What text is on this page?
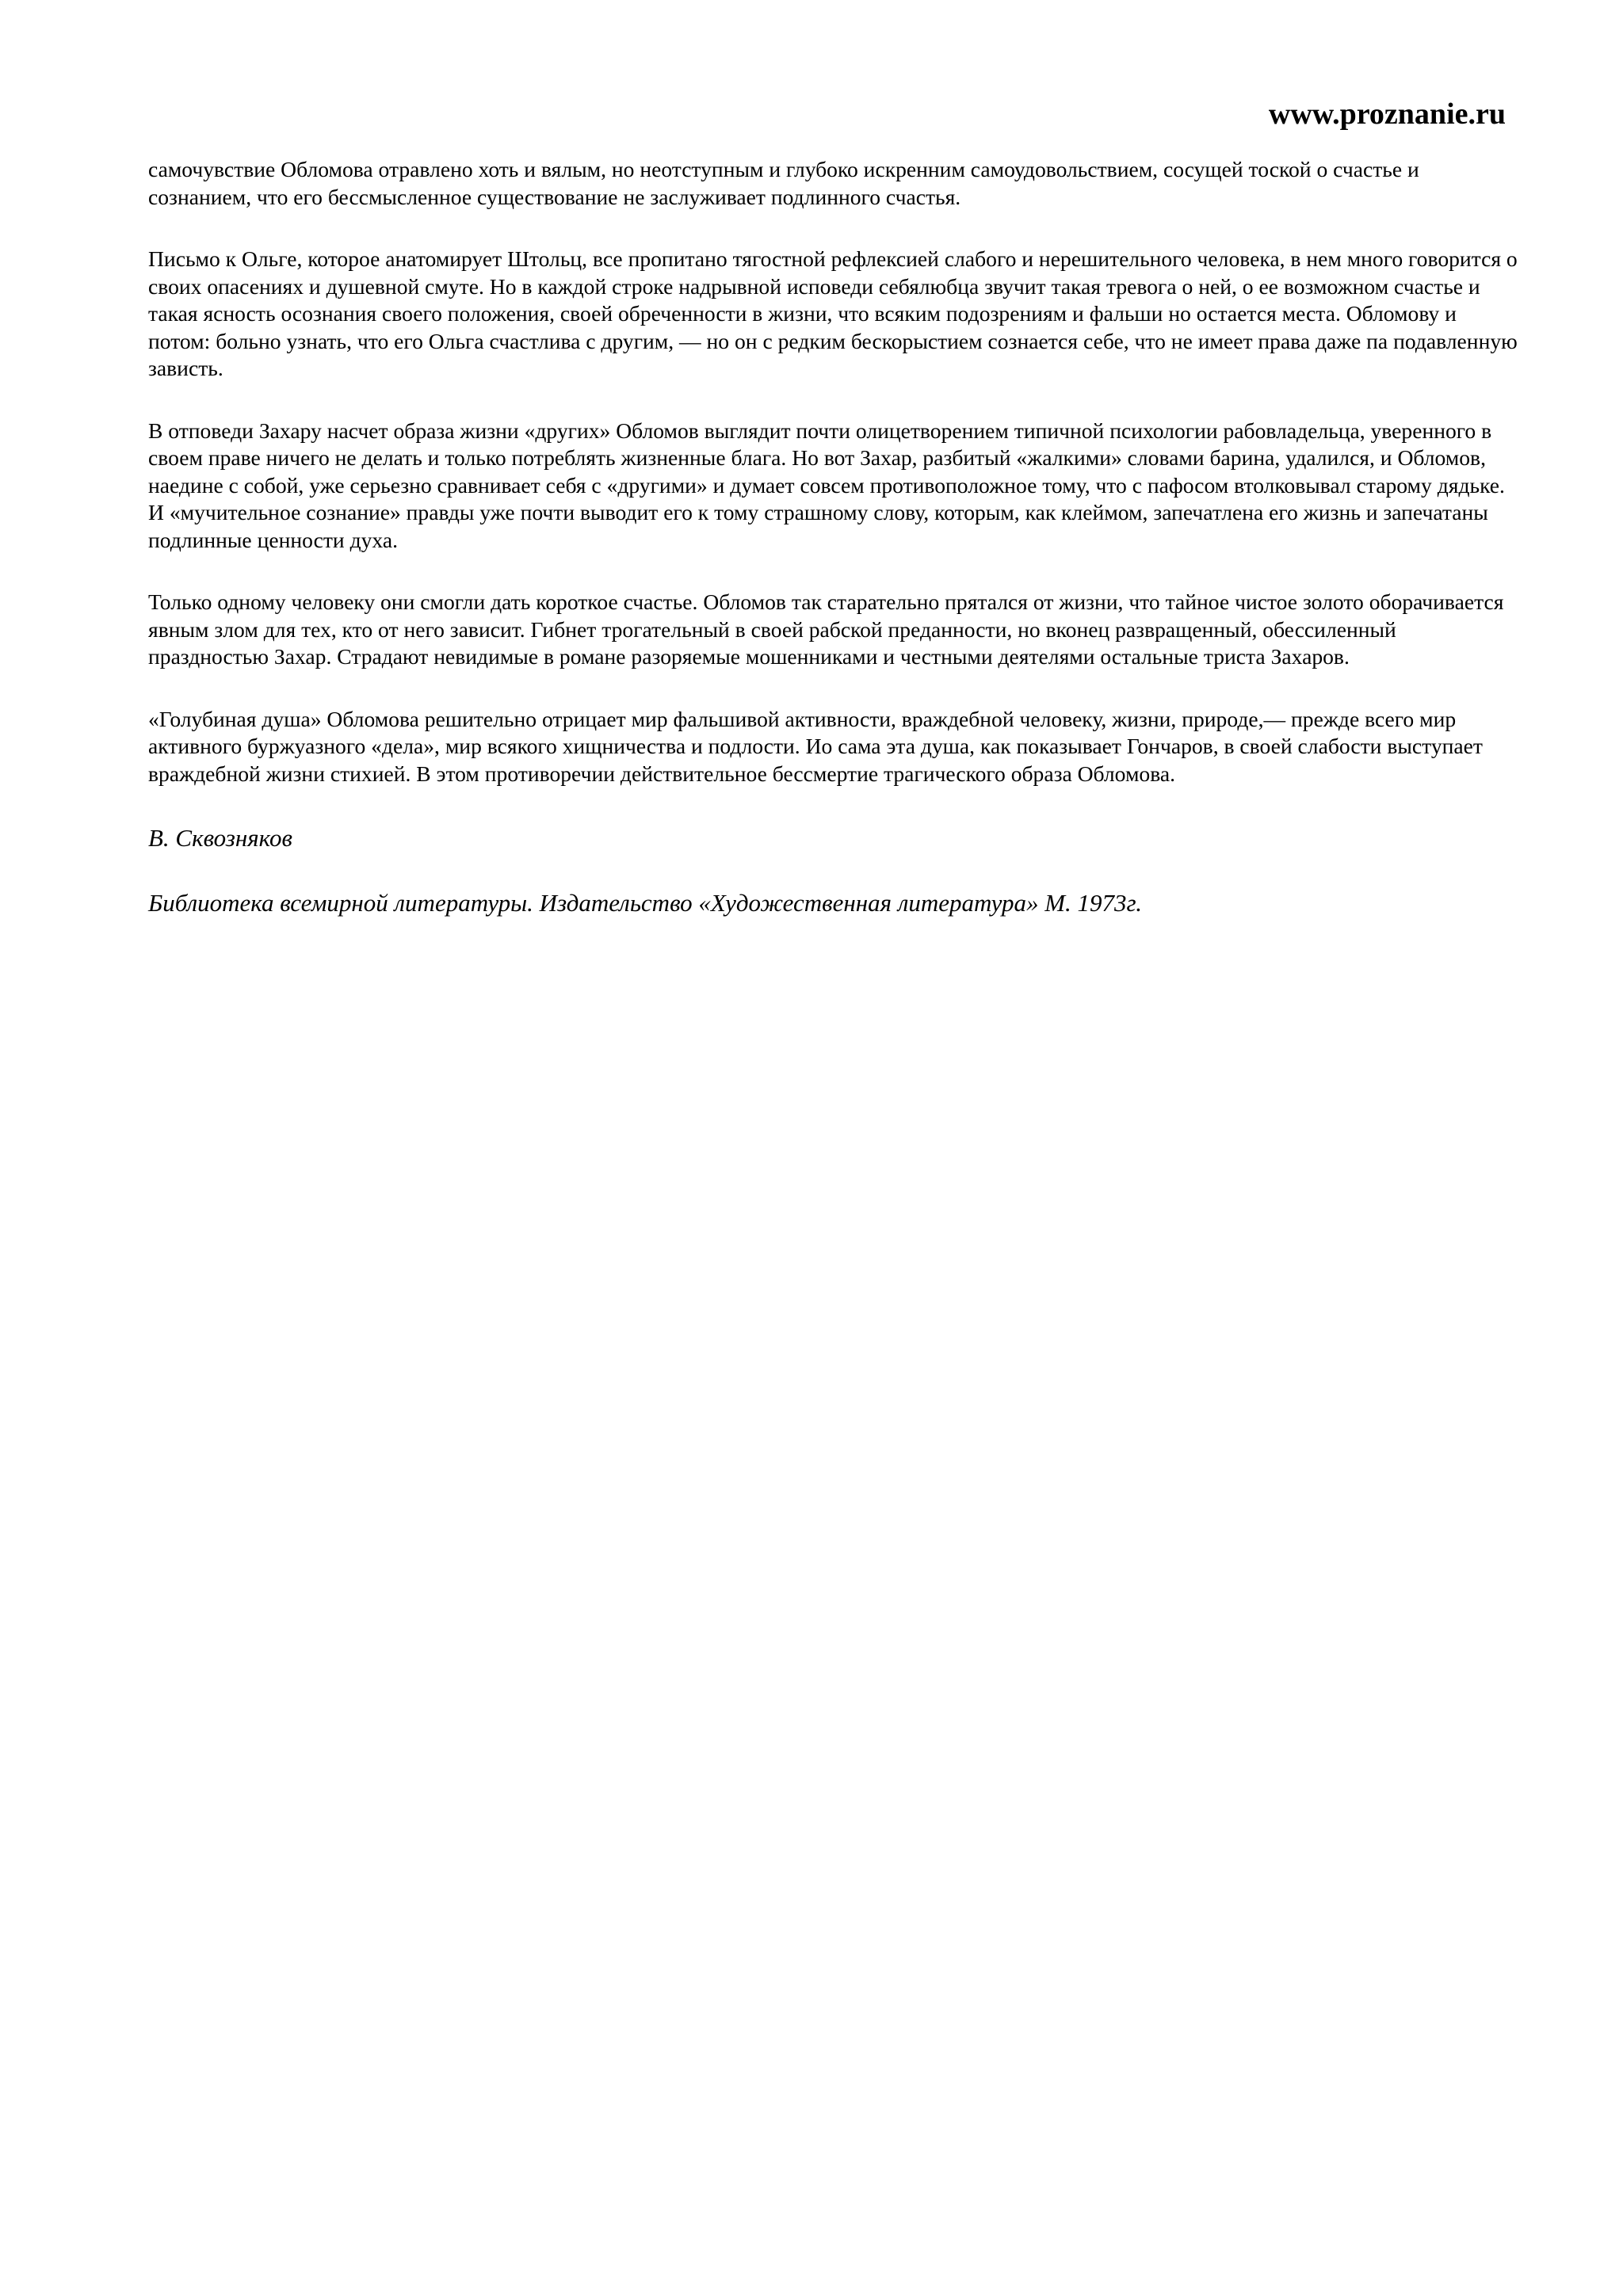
www.proznanie.ru

самочувствие Обломова отравлено хоть и вялым, но неотступным и глубоко искренним самоудовольствием, сосущей тоской о счастье и сознанием, что его бессмысленное существование не заслуживает подлинного счастья.

Письмо к Ольге, которое анатомирует Штольц, все пропитано тягостной рефлексией слабого и нерешительного человека, в нем много говорится о своих опасениях и душевной смуте. Но в каждой строке надрывной исповеди себялюбца звучит такая тревога о ней, о ее возможном счастье и такая ясность осознания своего положения, своей обреченности в жизни, что всяким подозрениям и фальши но остается места. Обломову и потом: больно узнать, что его Ольга счастлива с другим, — но он с редким бескорыстием сознается себе, что не имеет права даже па подавленную зависть.

В отповеди Захару насчет образа жизни «других» Обломов выглядит почти олицетворением типичной психологии рабовладельца, уверенного в своем праве ничего не делать и только потреблять жизненные блага. Но вот Захар, разбитый «жалкими» словами барина, удалился, и Обломов, наедине с собой, уже серьезно сравнивает себя с «другими» и думает совсем противоположное тому, что с пафосом втолковывал старому дядьке. И «мучительное сознание» правды уже почти выводит его к тому страшному слову, которым, как клеймом, запечатлена его жизнь и запечатаны подлинные ценности духа.

Только одному человеку они смогли дать короткое счастье. Обломов так старательно прятался от жизни, что тайное чистое золото оборачивается явным злом для тех, кто от него зависит. Гибнет трогательный в своей рабской преданности, но вконец развращенный, обессиленный праздностью Захар. Страдают невидимые в романе разоряемые мошенниками и честными деятелями остальные триста Захаров.

«Голубиная душа» Обломова решительно отрицает мир фальшивой активности, враждебной человеку, жизни, природе,— прежде всего мир активного буржуазного «дела», мир всякого хищничества и подлости. Ио сама эта душа, как показывает Гончаров, в своей слабости выступает враждебной жизни стихией. В этом противоречии действительное бессмертие трагического образа Обломова.

В. Сквозняков

Библиотека всемирной литературы. Издательство «Художественная литература» М. 1973г.
